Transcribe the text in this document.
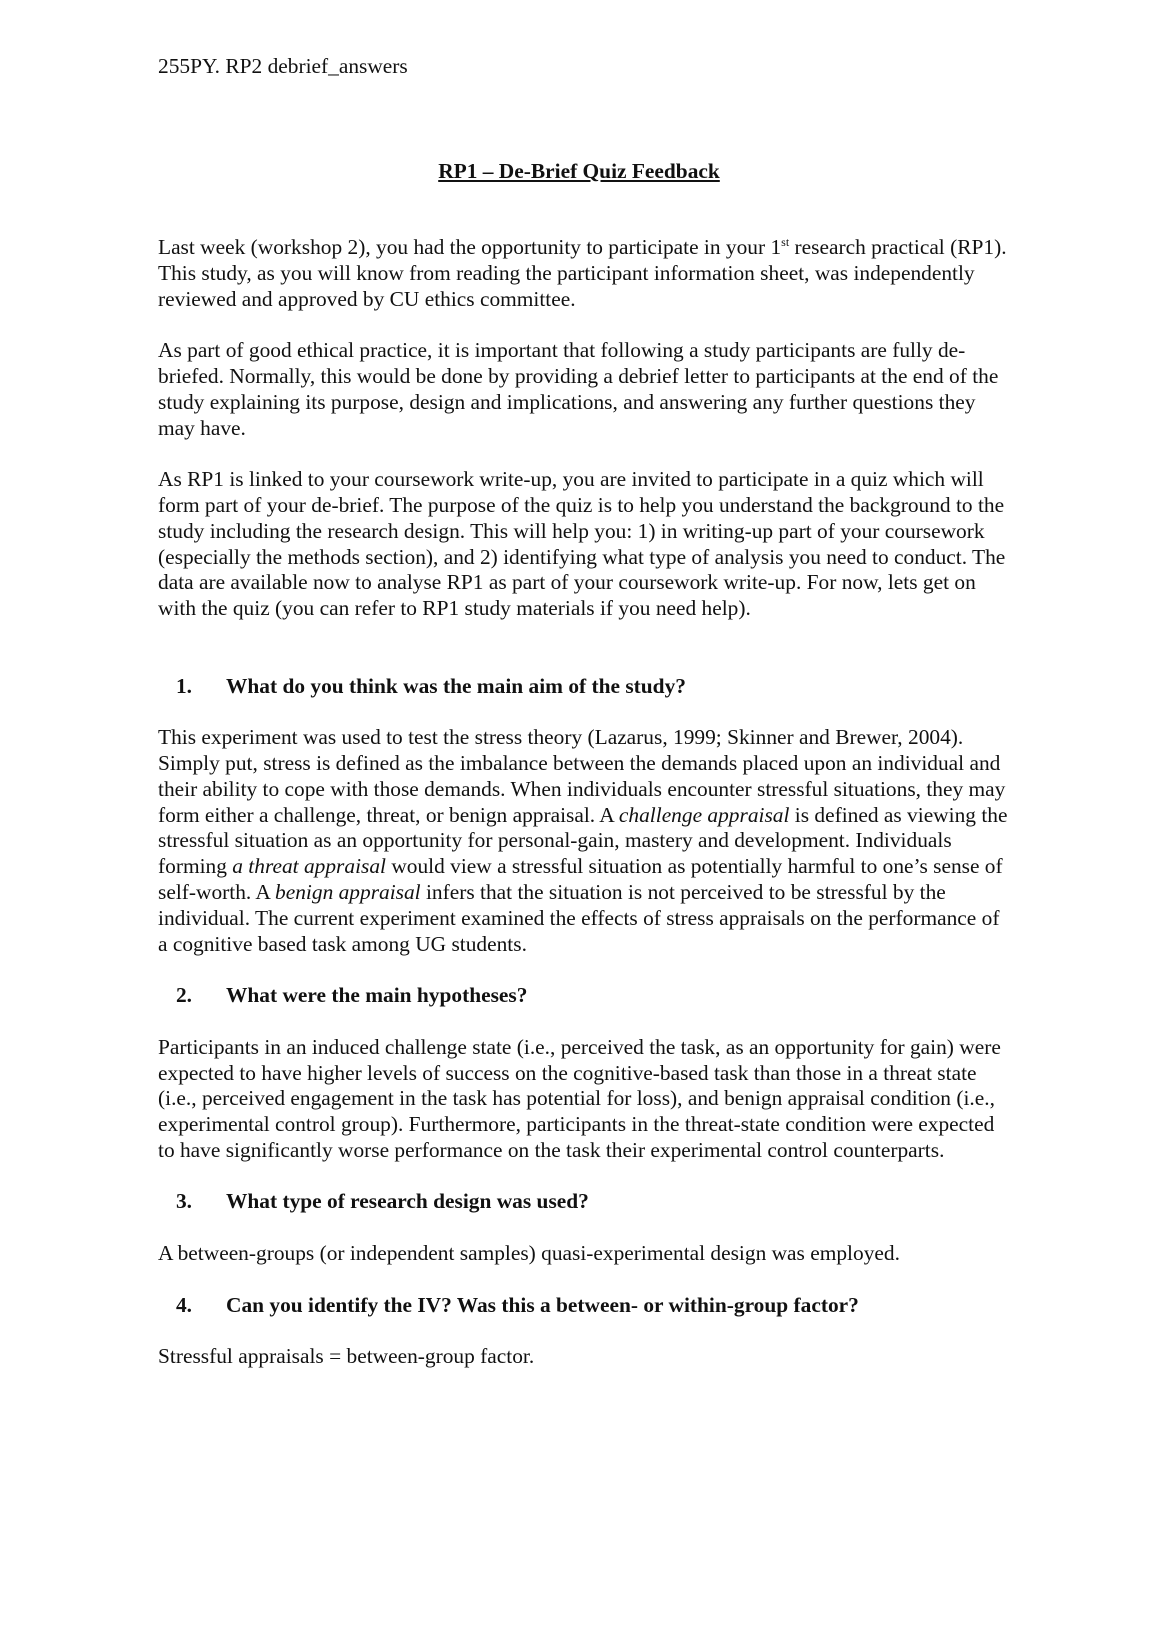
255PY. RP2 debrief_answers
RP1 – De-Brief Quiz Feedback

Last week (workshop 2), you had the opportunity to participate in your 1st research practical (RP1). This study, as you will know from reading the participant information sheet, was independently reviewed and approved by CU ethics committee.

As part of good ethical practice, it is important that following a study participants are fully de-briefed. Normally, this would be done by providing a debrief letter to participants at the end of the study explaining its purpose, design and implications, and answering any further questions they may have.

As RP1 is linked to your coursework write-up, you are invited to participate in a quiz which will form part of your de-brief. The purpose of the quiz is to help you understand the background to the study including the research design. This will help you: 1) in writing-up part of your coursework (especially the methods section), and 2) identifying what type of analysis you need to conduct. The data are available now to analyse RP1 as part of your coursework write-up. For now, lets get on with the quiz (you can refer to RP1 study materials if you need help).

1.	What do you think was the main aim of the study?

This experiment was used to test the stress theory (Lazarus, 1999; Skinner and Brewer, 2004). Simply put, stress is defined as the imbalance between the demands placed upon an individual and their ability to cope with those demands. When individuals encounter stressful situations, they may form either a challenge, threat, or benign appraisal. A challenge appraisal is defined as viewing the stressful situation as an opportunity for personal-gain, mastery and development. Individuals forming a threat appraisal would view a stressful situation as potentially harmful to one’s sense of self-worth. A benign appraisal infers that the situation is not perceived to be stressful by the individual. The current experiment examined the effects of stress appraisals on the performance of a cognitive based task among UG students.

2.	What were the main hypotheses?

Participants in an induced challenge state (i.e., perceived the task, as an opportunity for gain) were expected to have higher levels of success on the cognitive-based task than those in a threat state (i.e., perceived engagement in the task has potential for loss), and benign appraisal condition (i.e., experimental control group). Furthermore, participants in the threat-state condition were expected to have significantly worse performance on the task their experimental control counterparts.

3.	What type of research design was used?

A between-groups (or independent samples) quasi-experimental design was employed.

4.	Can you identify the IV? Was this a between- or within-group factor?

Stressful appraisals = between-group factor.
